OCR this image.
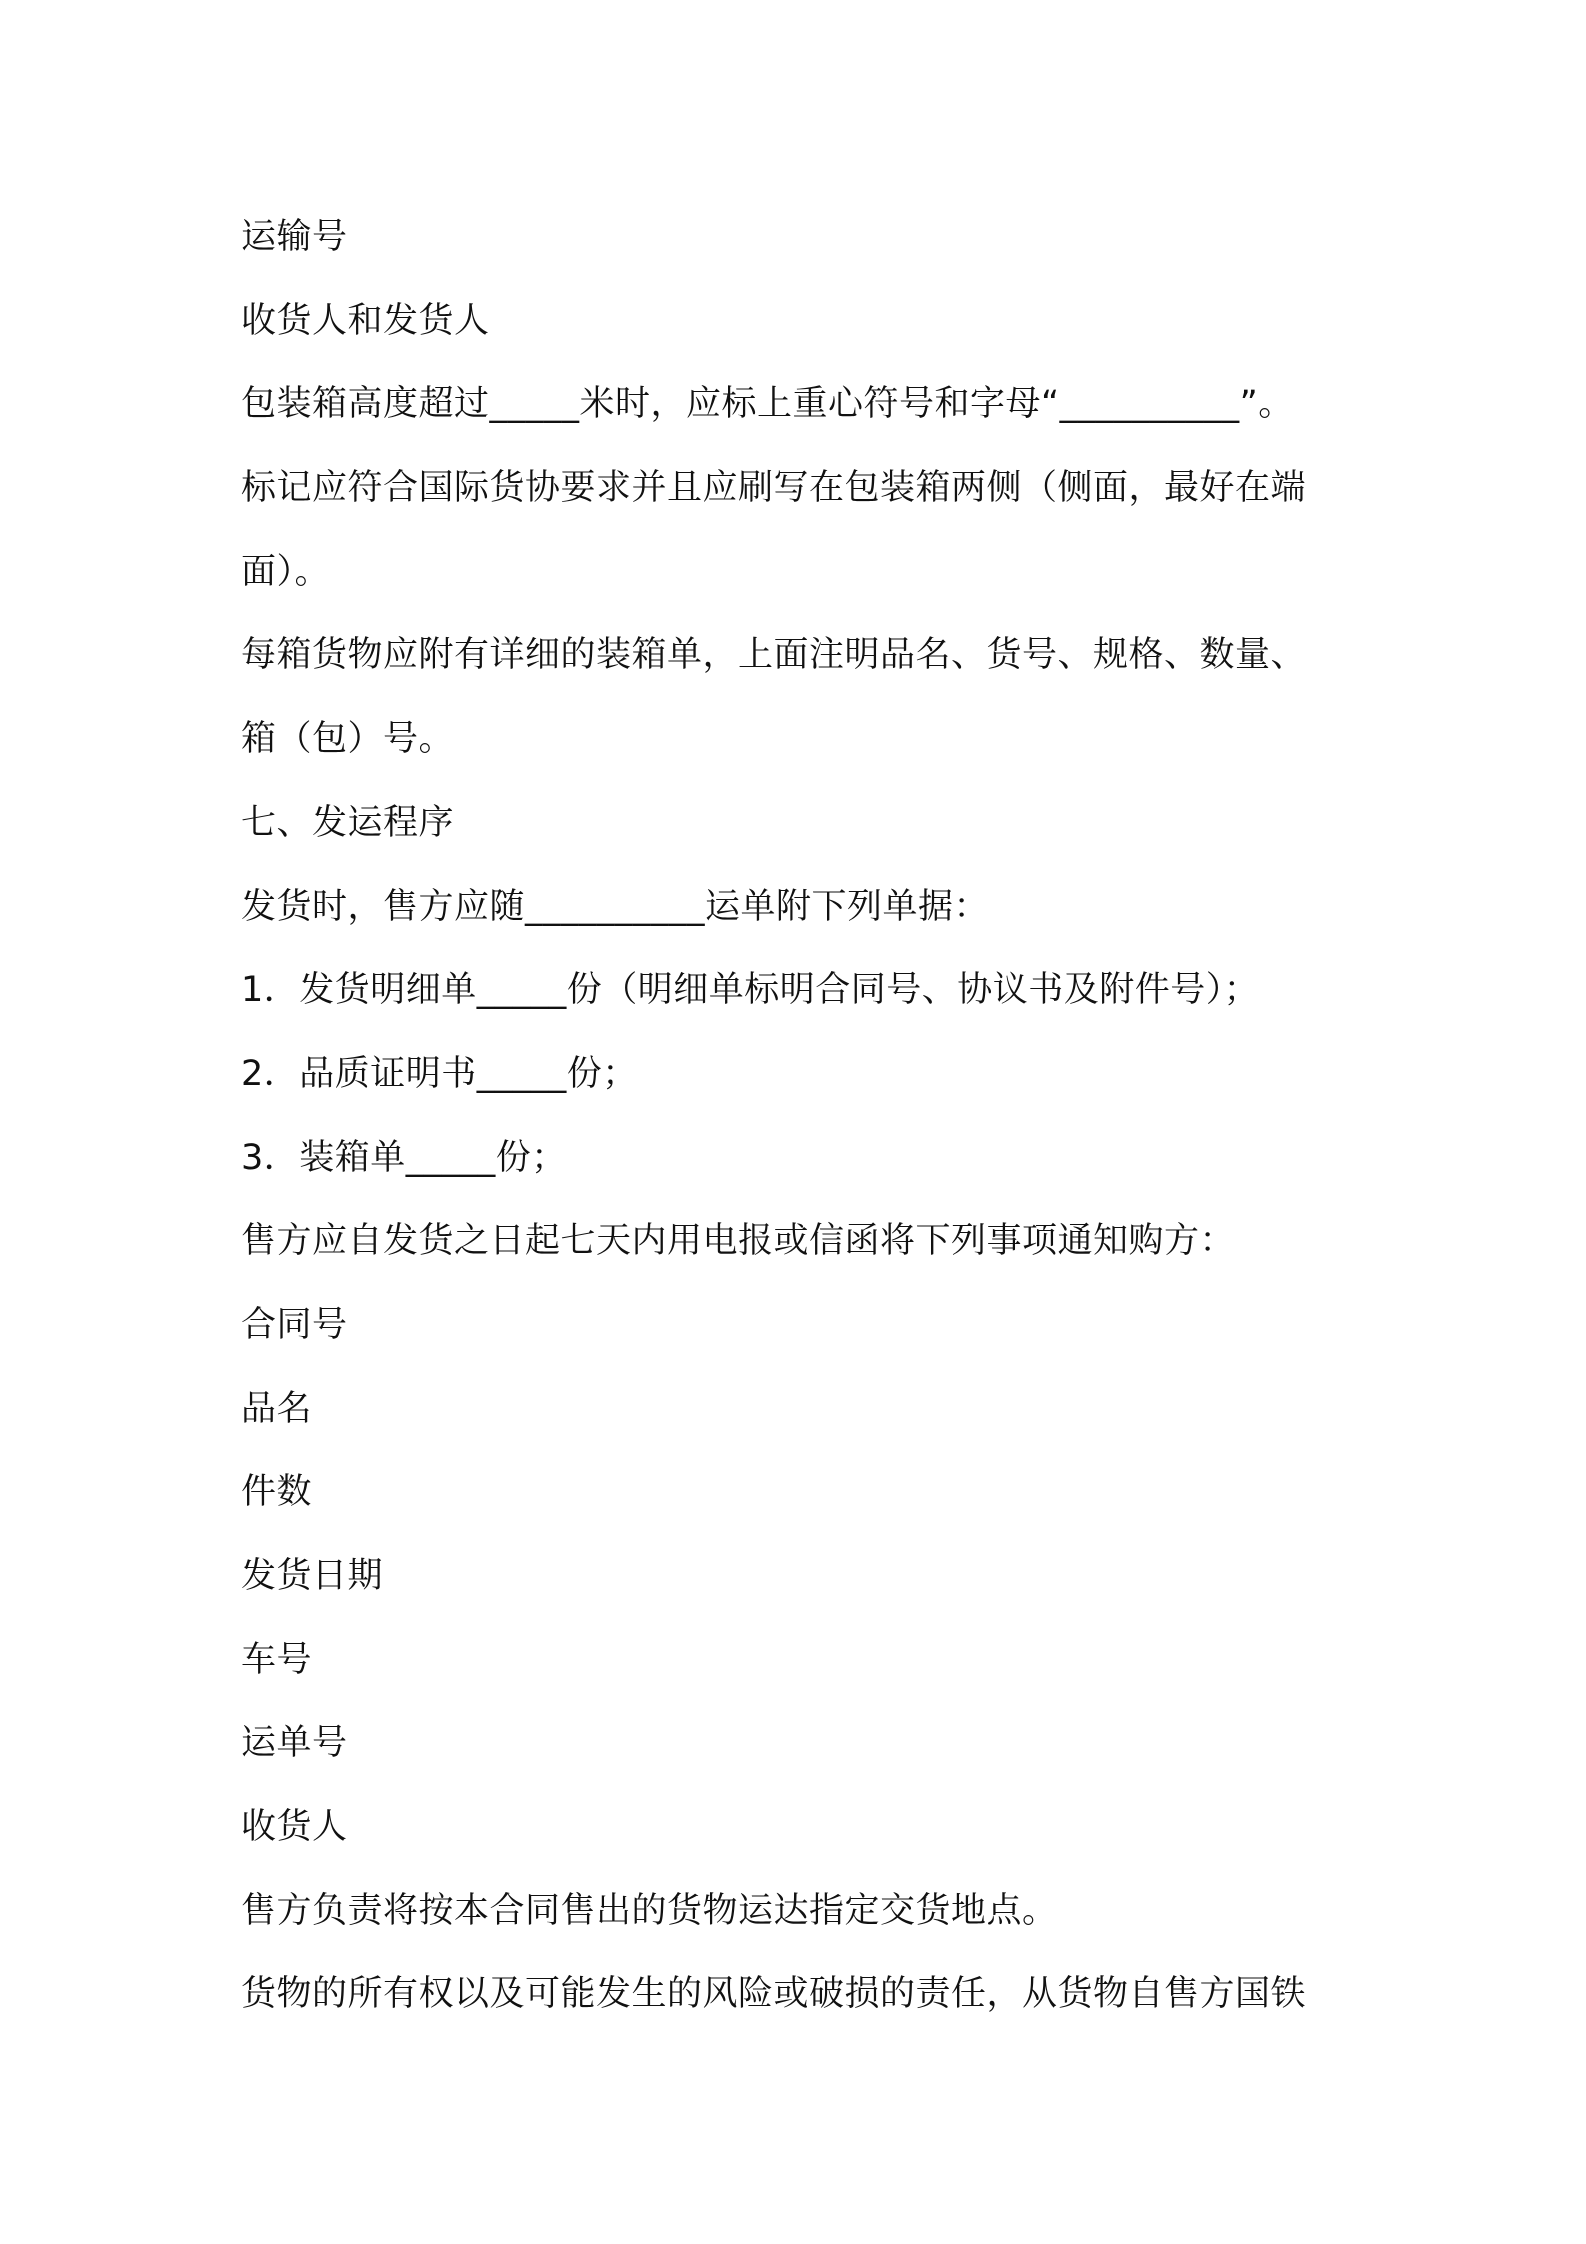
运输号
收货人和发货人
包装箱高度超过_____米时，应标上重心符号和字母“__________”。
标记应符合国际货协要求并且应刷写在包装箱两侧（侧面，最好在端
面）。
每箱货物应附有详细的装箱单，上面注明品名、货号、规格、数量、
箱（包）号。
七、发运程序
发货时，售方应随__________运单附下列单据：
1．发货明细单_____份（明细单标明合同号、协议书及附件号）；
2．品质证明书_____份；
3．装箱单_____份；
售方应自发货之日起七天内用电报或信函将下列事项通知购方：
合同号
品名
件数
发货日期
车号
运单号
收货人
售方负责将按本合同售出的货物运达指定交货地点。
货物的所有权以及可能发生的风险或破损的责任，从货物自售方国铁
